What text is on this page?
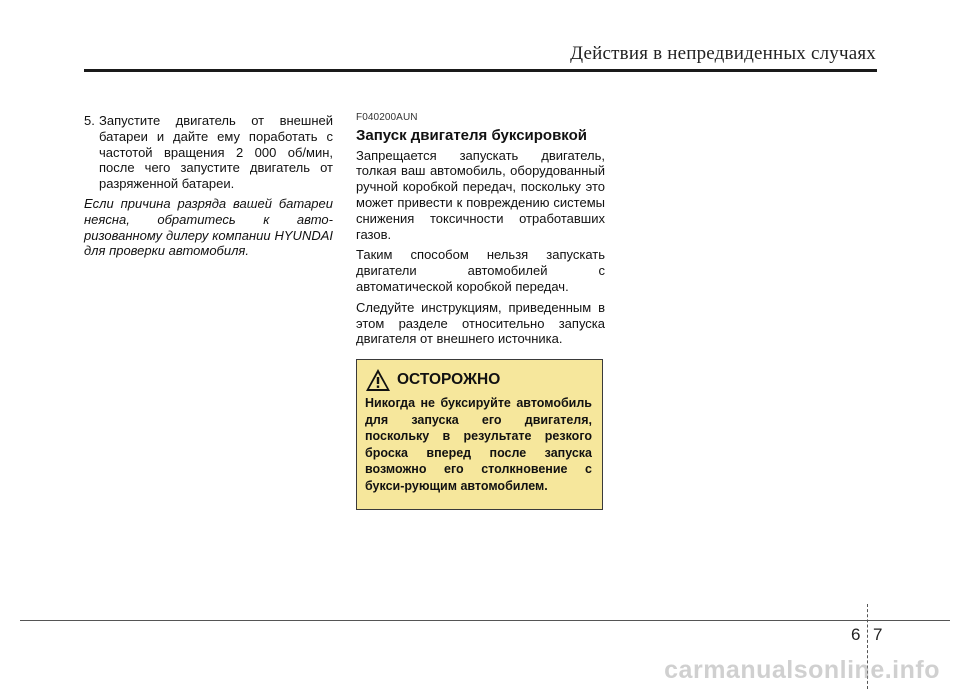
Действия в непредвиденных случаях
5. Запустите двигатель от внешней батареи и дайте ему поработать с частотой вращения 2 000 об/мин, после чего запустите двигатель от разряженной батареи.
Если причина разряда вашей батареи неясна, обратитесь к авто-ризованному дилеру компании HYUNDAI для проверки автомобиля.
F040200AUN
Запуск двигателя буксировкой
Запрещается запускать двигатель, толкая ваш автомобиль, оборудованный ручной коробкой передач, поскольку это может привести к повреждению системы снижения токсичности отработавших газов.
Таким способом нельзя запускать двигатели автомобилей с автоматической коробкой передач.
Следуйте инструкциям, приведенным в этом разделе относительно запуска двигателя от внешнего источника.
ОСТОРОЖНО
Никогда не буксируйте автомобиль для запуска его двигателя, поскольку в результате резкого броска вперед после запуска возможно его столкновение с букси-рующим автомобилем.
6 7
carmanualsonline.info
